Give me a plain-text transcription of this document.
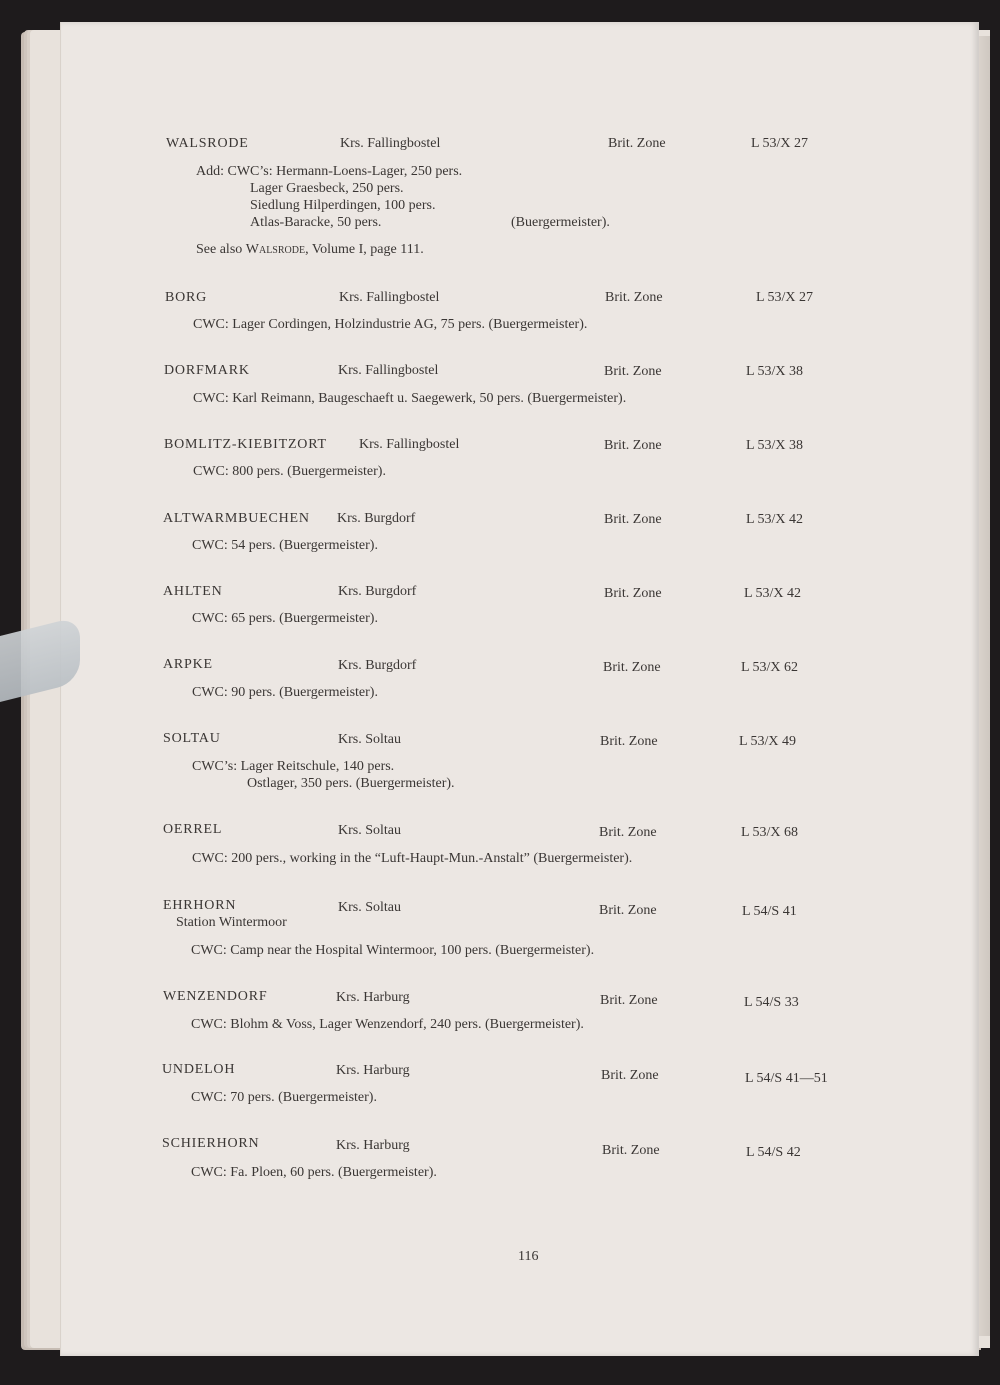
WALSRODE	Krs. Fallingbostel	Brit. Zone	L 53/X 27
Add: CWC’s: Hermann-Loens-Lager, 250 pers.
Lager Graesbeck, 250 pers.
Siedlung Hilperdingen, 100 pers.
Atlas-Baracke, 50 pers.	(Buergermeister).
See also Walsrode, Volume I, page 111.
BORG	Krs. Fallingbostel	Brit. Zone	L 53/X 27
CWC: Lager Cordingen, Holzindustrie AG, 75 pers. (Buergermeister).
DORFMARK	Krs. Fallingbostel	Brit. Zone	L 53/X 38
CWC: Karl Reimann, Baugeschaeft u. Saegewerk, 50 pers. (Buergermeister).
BOMLITZ-KIEBITZORT Krs. Fallingbostel	Brit. Zone	L 53/X 38
CWC: 800 pers. (Buergermeister).
ALTWARMBUECHEN Krs. Burgdorf	Brit. Zone	L 53/X 42
CWC: 54 pers. (Buergermeister).
AHLTEN	Krs. Burgdorf	Brit. Zone	L 53/X 42
CWC: 65 pers. (Buergermeister).
ARPKE	Krs. Burgdorf	Brit. Zone	L 53/X 62
CWC: 90 pers. (Buergermeister).
SOLTAU	Krs. Soltau	Brit. Zone	L 53/X 49
CWC’s: Lager Reitschule, 140 pers.
Ostlager, 350 pers. (Buergermeister).
OERREL	Krs. Soltau	Brit. Zone	L 53/X 68
CWC: 200 pers., working in the “Luft-Haupt-Mun.-Anstalt” (Buergermeister).
EHRHORN
Station Wintermoor
Krs. Soltau	Brit. Zone	L 54/S 41
CWC: Camp near the Hospital Wintermoor, 100 pers. (Buergermeister).
WENZENDORF	Krs. Harburg	Brit. Zone	L 54/S 33
CWC: Blohm & Voss, Lager Wenzendorf, 240 pers. (Buergermeister).
UNDELOH	Krs. Harburg	Brit. Zone	L 54/S 41—51
CWC: 70 pers. (Buergermeister).
SCHIERHORN	Krs. Harburg	Brit. Zone	L 54/S 42
CWC: Fa. Ploen, 60 pers. (Buergermeister).
116
